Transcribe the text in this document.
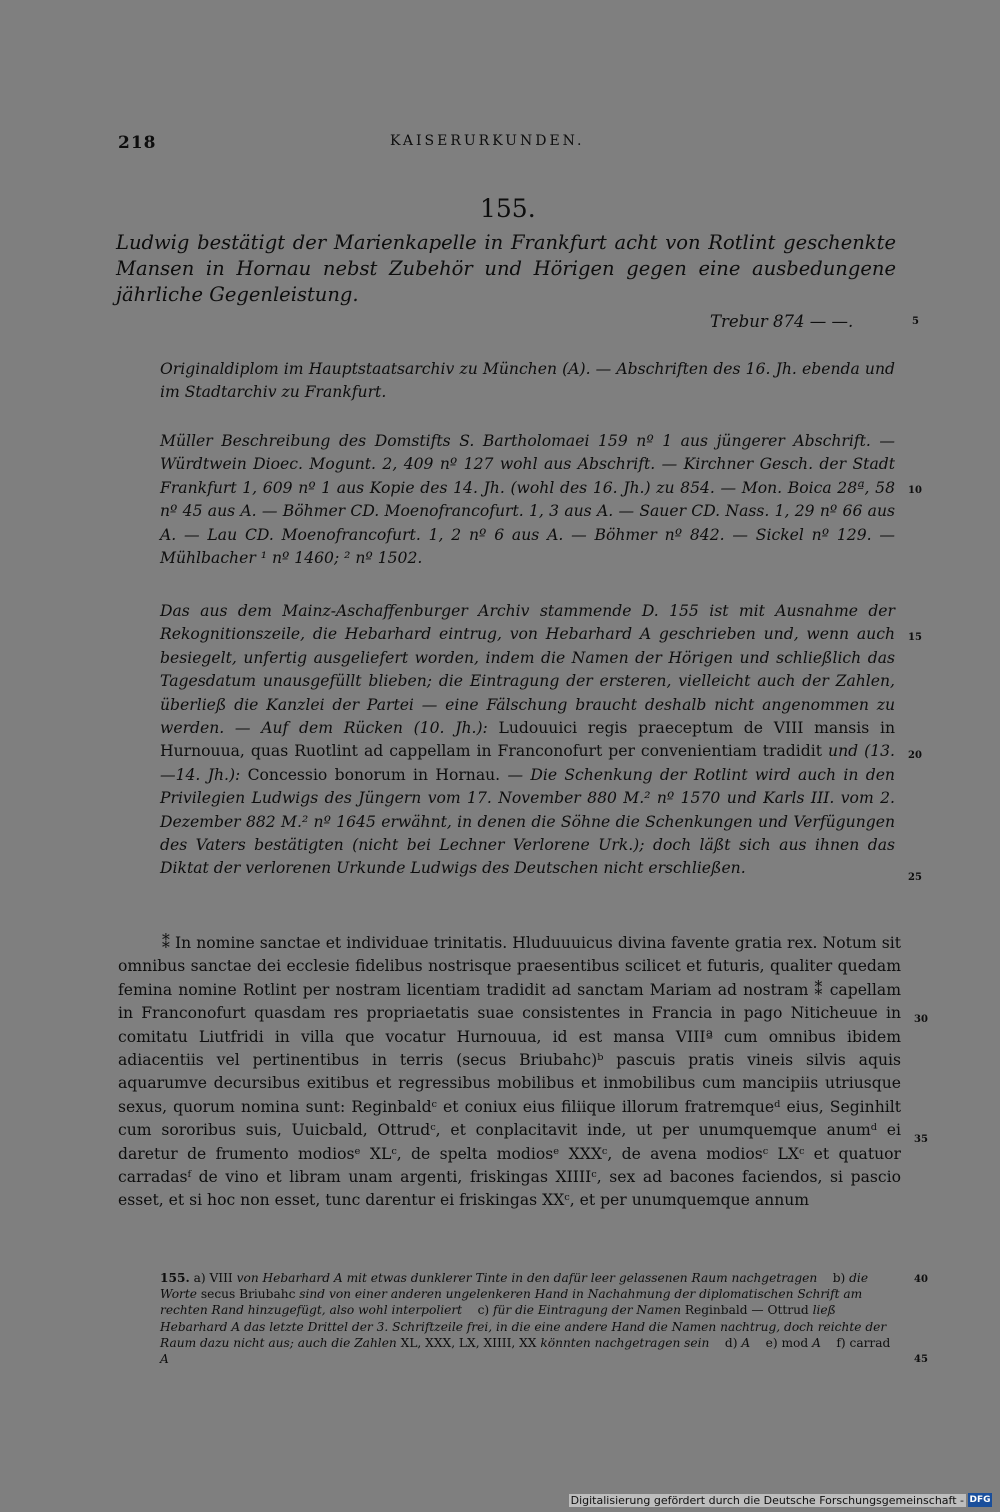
218	KAISERURKUNDEN.
155.
Ludwig bestätigt der Marienkapelle in Frankfurt acht von Rotlint geschenkte Mansen in Hornau nebst Zubehör und Hörigen gegen eine ausbedungene jährliche Gegenleistung.
Trebur 874 — —.

Originaldiplom im Hauptstaatsarchiv zu München (A). — Abschriften des 16. Jh. ebenda und im Stadtarchiv zu Frankfurt.

Müller Beschreibung des Domstifts S. Bartholomaei 159 nº 1 aus jüngerer Abschrift. — Würdtwein Dioec. Mogunt. 2, 409 nº 127 wohl aus Abschrift. — Kirchner Gesch. der Stadt Frankfurt 1, 609 nº 1 aus Kopie des 14. Jh. (wohl des 16. Jh.) zu 854. — Mon. Boica 28ª, 58 nº 45 aus A. — Böhmer CD. Moenofrancofurt. 1, 3 aus A. — Sauer CD. Nass. 1, 29 nº 66 aus A. — Lau CD. Moenofrancofurt. 1, 2 nº 6 aus A. — Böhmer nº 842. — Sickel nº 129. — Mühlbacher ¹ nº 1460; ² nº 1502.

Das aus dem Mainz-Aschaffenburger Archiv stammende D. 155 ist mit Ausnahme der Rekognitionszeile, die Hebarhard eintrug, von Hebarhard A geschrieben und, wenn auch besiegelt, unfertig ausgeliefert worden, indem die Namen der Hörigen und schließlich das Tagesdatum unausgefüllt blieben; die Eintragung der ersteren, vielleicht auch der Zahlen, überließ die Kanzlei der Partei — eine Fälschung braucht deshalb nicht angenommen zu werden. — Auf dem Rücken (10. Jh.): Ludouuici regis praeceptum de VIII mansis in Hurnouua, quas Ruotlint ad cappellam in Franconofurt per convenientiam tradidit und (13.—14. Jh.): Concessio bonorum in Hornau. — Die Schenkung der Rotlint wird auch in den Privilegien Ludwigs des Jüngern vom 17. November 880 M.² nº 1570 und Karls III. vom 2. Dezember 882 M.² nº 1645 erwähnt, in denen die Söhne die Schenkungen und Verfügungen des Vaters bestätigten (nicht bei Lechner Verlorene Urk.); doch läßt sich aus ihnen das Diktat der verlorenen Urkunde Ludwigs des Deutschen nicht erschließen.

⁑ In nomine sanctae et individuae trinitatis. Hluduuuicus divina favente gratia rex. Notum sit omnibus sanctae dei ecclesie fidelibus nostrisque praesentibus scilicet et futuris, qualiter quedam femina nomine Rotlint per nostram licentiam tradidit ad sanctam Mariam ad nostram ⁑ capellam in Franconofurt quasdam res propriaetatis suae consistentes in Francia in pago Niticheuue in comitatu Liutfridi in villa que vocatur Hurnouua, id est mansa VIIIª cum omnibus ibidem adiacentiis vel pertinentibus in terris (secus Briubahc)ᵇ pascuis pratis vineis silvis aquis aquarumve decursibus exitibus et regressibus mobilibus et inmobilibus cum mancipiis utriusque sexus, quorum nomina sunt: Reginbaldᶜ et coniux eius filiique illorum fratremqueᵈ eius, Seginhilt cum sororibus suis, Uuicbald, Ottrudᶜ, et conplacitavit inde, ut per unumquemque anumᵈ ei daretur de frumento modiosᵉ XLᶜ, de spelta modiosᵉ XXXᶜ, de avena modiosᶜ LXᶜ et quatuor carradasᶠ de vino et libram unam argenti, friskingas XIIIIᶜ, sex ad bacones faciendos, si pascio esset, et si hoc non esset, tunc darentur ei friskingas XXᶜ, et per unumquemque annum

155. a) VIII von Hebarhard A mit etwas dunklerer Tinte in den dafür leer gelassenen Raum nachgetragen b) die Worte secus Briubahc sind von einer anderen ungelenkeren Hand in Nachahmung der diplomatischen Schrift am rechten Rand hinzugefügt, also wohl interpoliert c) für die Eintragung der Namen Reginbald — Ottrud ließ Hebarhard A das letzte Drittel der 3. Schriftzeile frei, in die eine andere Hand die Namen nachtrug, doch reichte der Raum dazu nicht aus; auch die Zahlen XL, XXX, LX, XIIII, XX könnten nachgetragen sein d) A e) mod A f) carrad A

5
10
15
20
25
30
35
40
45
Digitalisierung gefördert durch die Deutsche Forschungsgemeinschaft - DFG
